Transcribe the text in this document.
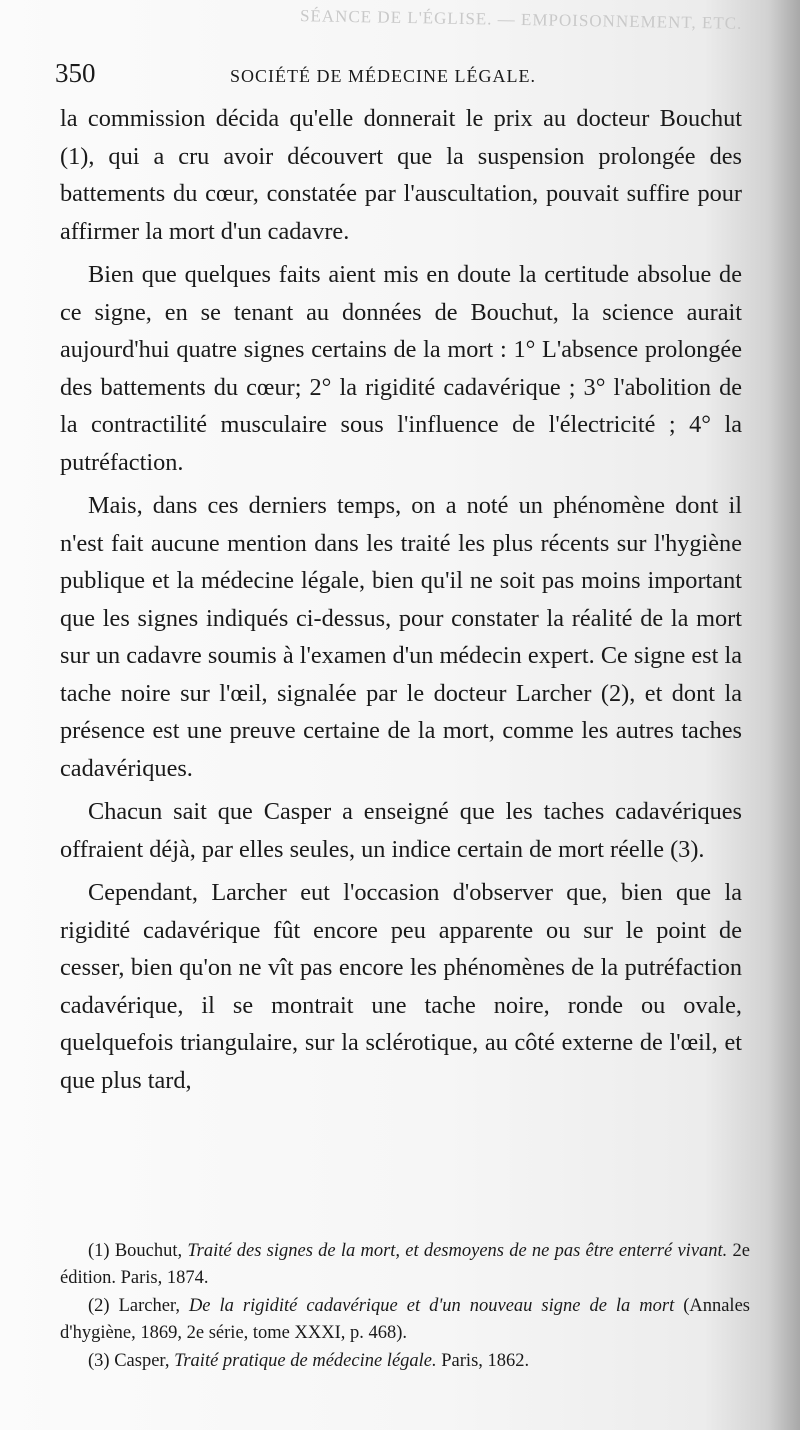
SÉANCE DE L'ÉGLISE. — EMPOISONNEMENT, ETC.
350	SOCIÉTÉ DE MÉDECINE LÉGALE.

la commission décida qu'elle donnerait le prix au docteur Bouchut (1), qui a cru avoir découvert que la suspension prolongée des battements du cœur, constatée par l'auscultation, pouvait suffire pour affirmer la mort d'un cadavre.

Bien que quelques faits aient mis en doute la certitude absolue de ce signe, en se tenant au données de Bouchut, la science aurait aujourd'hui quatre signes certains de la mort : 1° L'absence prolongée des battements du cœur; 2° la rigidité cadavérique ; 3° l'abolition de la contractilité musculaire sous l'influence de l'électricité ; 4° la putréfaction.

Mais, dans ces derniers temps, on a noté un phénomène dont il n'est fait aucune mention dans les traité les plus récents sur l'hygiène publique et la médecine légale, bien qu'il ne soit pas moins important que les signes indiqués ci-dessus, pour constater la réalité de la mort sur un cadavre soumis à l'examen d'un médecin expert. Ce signe est la tache noire sur l'œil, signalée par le docteur Larcher (2), et dont la présence est une preuve certaine de la mort, comme les autres taches cadavériques.

Chacun sait que Casper a enseigné que les taches cadavériques offraient déjà, par elles seules, un indice certain de mort réelle (3).

Cependant, Larcher eut l'occasion d'observer que, bien que la rigidité cadavérique fût encore peu apparente ou sur le point de cesser, bien qu'on ne vît pas encore les phénomènes de la putréfaction cadavérique, il se montrait une tache noire, ronde ou ovale, quelquefois triangulaire, sur la sclérotique, au côté externe de l'œil, et que plus tard,

(1) Bouchut, Traité des signes de la mort, et desmoyens de ne pas être enterré vivant. 2e édition. Paris, 1874.

(2) Larcher, De la rigidité cadavérique et d'un nouveau signe de la mort (Annales d'hygiène, 1869, 2e série, tome XXXI, p. 468).

(3) Casper, Traité pratique de médecine légale. Paris, 1862.
